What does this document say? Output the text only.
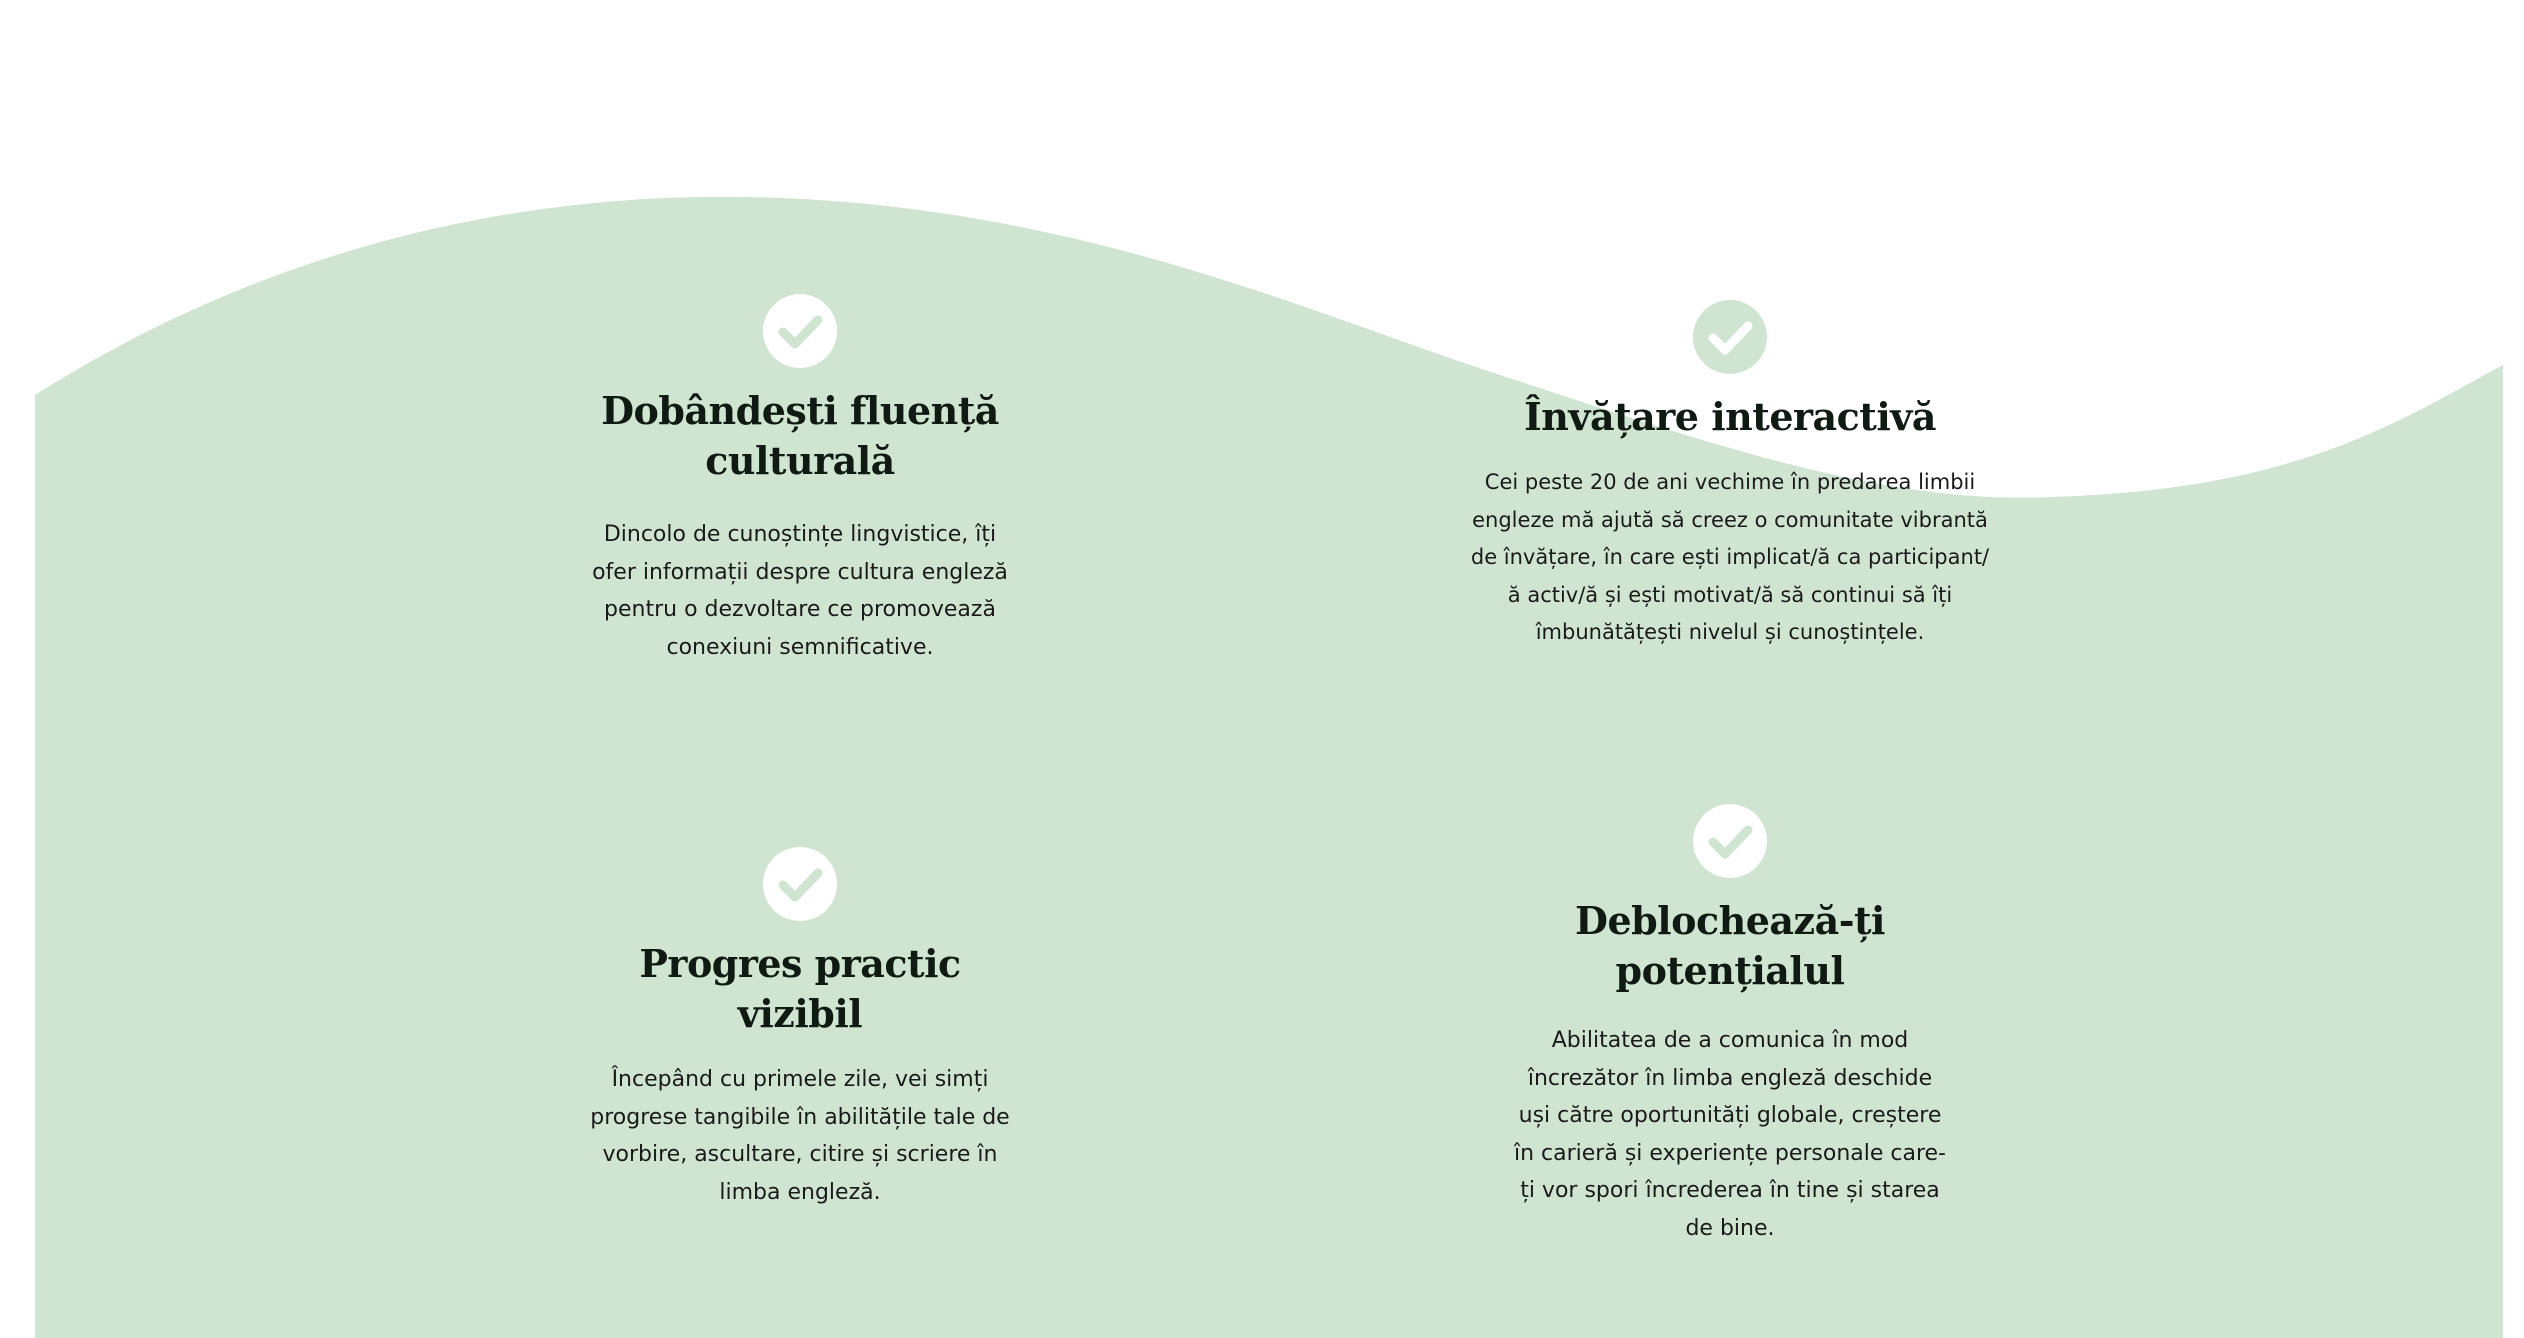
Dobândești fluență culturală

Dincolo de cunoștințe lingvistice, îți ofer informații despre cultura engleză pentru o dezvoltare ce promovează conexiuni semnificative.

Învățare interactivă

Cei peste 20 de ani vechime în predarea limbii engleze mă ajută să creez o comunitate vibrantă de învățare, în care ești implicat/ă ca participant/ă activ/ă și ești motivat/ă să continui să îți îmbunătățești nivelul și cunoștințele.

Progres practic vizibil

Începând cu primele zile, vei simți progrese tangibile în abilitățile tale de vorbire, ascultare, citire și scriere în limba engleză.

Deblochează-ți potențialul

Abilitatea de a comunica în mod încrezător în limba engleză deschide uși către oportunități globale, creștere în carieră și experiențe personale care-ți vor spori încrederea în tine și starea de bine.
